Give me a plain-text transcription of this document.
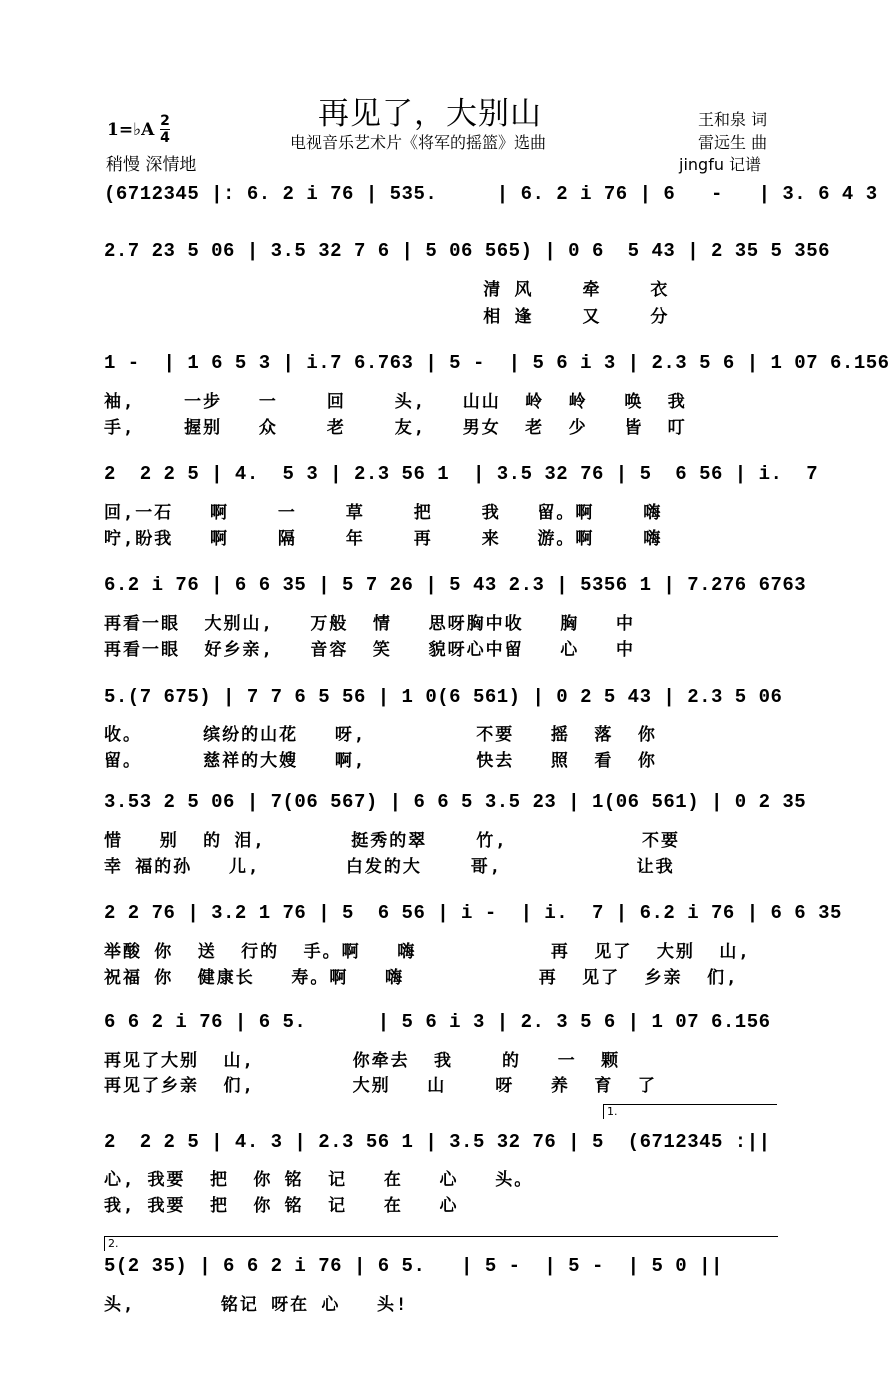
再见了，大别山
电视音乐艺术片《将军的摇篮》选曲
王和泉 词
雷远生 曲
jingfu 记谱
1=♭A 2
4
稍慢 深情地
(6712345 |: 6. 2 i 76 | 535.     | 6. 2 i 76 | 6   -   | 3. 6 4 3
2.7 23 5 06 | 3.5 32 7 6 | 5 06 565) | 0 6  5 43 | 2 35 5 356
清 风    牵    衣
相 逢    又    分
1 -  | 1 6 5 3 | i.7 6.763 | 5 -  | 5 6 i 3 | 2.3 5 6 | 1 07 6.156
袖,    一步   一    回    头,   山山  岭  岭   唤  我
手,    握别   众    老    友,   男女  老  少   皆  叮
2  2 2 5 | 4.  5 3 | 2.3 56 1  | 3.5 32 76 | 5  6 56 | i.  7
回,一石   啊    一    草    把    我   留。啊    嗨
咛,盼我   啊    隔    年    再    来   游。啊    嗨
6.2 i 76 | 6 6 35 | 5 7 26 | 5 43 2.3 | 5356 1 | 7.276 6763
再看一眼  大别山,   万般  情   思呀胸中收   胸   中
再看一眼  好乡亲,   音容  笑   貌呀心中留   心   中
5.(7 675) | 7 7 6 5 56 | 1 0(6 561) | 0 2 5 43 | 2.3 5 06
收。     缤纷的山花   呀,         不要   摇  落  你
留。     慈祥的大嫂   啊,         快去   照  看  你
3.53 2 5 06 | 7(06 567) | 6 6 5 3.5 23 | 1(06 561) | 0 2 35
惜   别  的 泪,       挺秀的翠    竹,           不要
幸 福的孙   儿,       白发的大    哥,           让我
2 2 76 | 3.2 1 76 | 5  6 56 | i -  | i.  7 | 6.2 i 76 | 6 6 35
举酸 你  送  行的  手。啊   嗨           再  见了  大别  山,
祝福 你  健康长   寿。啊   嗨           再  见了  乡亲  们,
6 6 2 i 76 | 6 5.      | 5 6 i 3 | 2. 3 5 6 | 1 07 6.156
再见了大别  山,        你牵去  我    的   一  颗
再见了乡亲  们,        大别   山    呀   养  育  了
1.
2  2 2 5 | 4. 3 | 2.3 56 1 | 3.5 32 76 | 5  (6712345 :||
心, 我要  把  你 铭  记   在   心   头。
我, 我要  把  你 铭  记   在   心
2.
5(2 35) | 6 6 2 i 76 | 6 5.   | 5 -  | 5 -  | 5 0 ||
头,       铭记 呀在 心   头!
